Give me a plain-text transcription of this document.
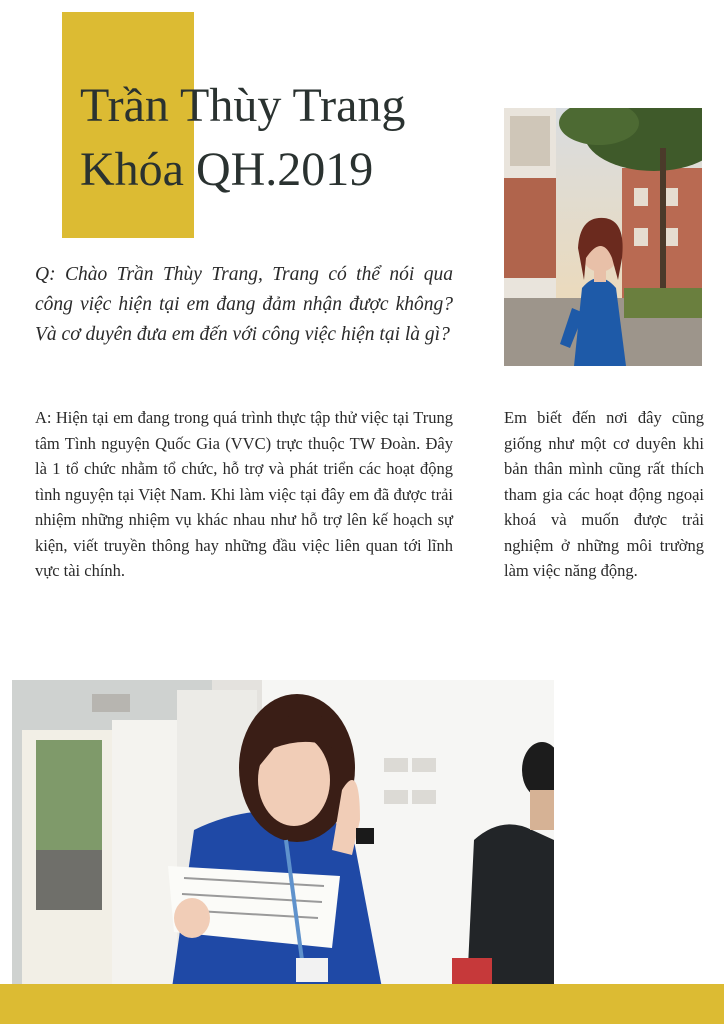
Trần Thùy Trang
Khóa QH.2019
Q: Chào Trần Thùy Trang, Trang có thể nói qua công việc hiện tại em đang đảm nhận được không? Và cơ duyên đưa em đến với công việc hiện tại là gì?
A: Hiện tại em đang trong quá trình thực tập thử việc tại Trung tâm Tình nguyện Quốc Gia (VVC) trực thuộc TW Đoàn. Đây là 1 tổ chức nhằm tổ chức, hỗ trợ và phát triển các hoạt động tình nguyện tại Việt Nam. Khi làm việc tại đây em đã được trải nhiệm những nhiệm vụ khác nhau như hỗ trợ lên kế hoạch sự kiện, viết truyền thông hay những đầu việc liên quan tới lĩnh vực tài chính.
Em biết đến nơi đây cũng giống như một cơ duyên khi bản thân mình cũng rất thích tham gia các hoạt động ngoại khoá và muốn được trải nghiệm ở những môi trường làm việc năng động.
